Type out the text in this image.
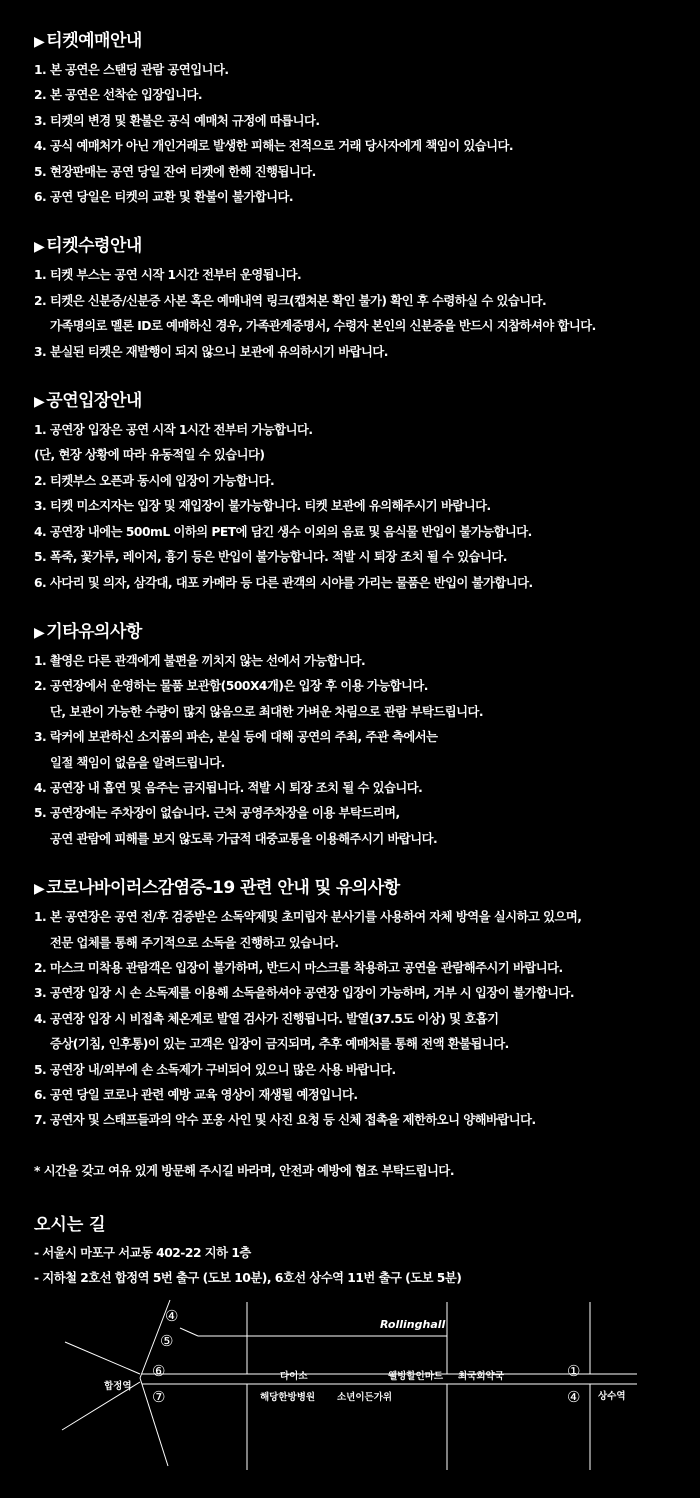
▶ 티켓예매안내
1. 본 공연은 스탠딩 관람 공연입니다.
2. 본 공연은 선착순 입장입니다.
3. 티켓의 변경 및 환불은 공식 예매처 규정에 따릅니다.
4. 공식 예매처가 아닌 개인거래로 발생한 피해는 전적으로 거래 당사자에게 책임이 있습니다.
5. 현장판매는 공연 당일 잔여 티켓에 한해 진행됩니다.
6. 공연 당일은 티켓의 교환 및 환불이 불가합니다.
▶ 티켓수령안내
1. 티켓 부스는 공연 시작 1시간 전부터 운영됩니다.
2. 티켓은 신분증/신분증 사본 혹은 예매내역 링크(캡쳐본 확인 불가) 확인 후 수령하실 수 있습니다.
가족명의로 멜론 ID로 예매하신 경우, 가족관계증명서, 수령자 본인의 신분증을 반드시 지참하셔야 합니다.
3. 분실된 티켓은 재발행이 되지 않으니 보관에 유의하시기 바랍니다.
▶ 공연입장안내
1. 공연장 입장은 공연 시작 1시간 전부터 가능합니다.
(단, 현장 상황에 따라 유동적일 수 있습니다)
2. 티켓부스 오픈과 동시에 입장이 가능합니다.
3. 티켓 미소지자는 입장 및 재입장이 불가능합니다. 티켓 보관에 유의해주시기 바랍니다.
4. 공연장 내에는 500mL 이하의 PET에 담긴 생수 이외의 음료 및 음식물 반입이 불가능합니다.
5. 폭죽, 꽃가루, 레이저, 흉기 등은 반입이 불가능합니다. 적발 시 퇴장 조치 될 수 있습니다.
6. 사다리 및 의자, 삼각대, 대포 카메라 등 다른 관객의 시야를 가리는 물품은 반입이 불가합니다.
▶ 기타유의사항
1. 촬영은 다른 관객에게 불편을 끼치지 않는 선에서 가능합니다.
2. 공연장에서 운영하는 물품 보관함(500X4개)은 입장 후 이용 가능합니다.
단, 보관이 가능한 수량이 많지 않음으로 최대한 가벼운 차림으로 관람 부탁드립니다.
3. 락커에 보관하신 소지품의 파손, 분실 등에 대해 공연의 주최, 주관 측에서는
일절 책임이 없음을 알려드립니다.
4. 공연장 내 흡연 및 음주는 금지됩니다. 적발 시 퇴장 조치 될 수 있습니다.
5. 공연장에는 주차장이 없습니다. 근처 공영주차장을 이용 부탁드리며,
공연 관람에 피해를 보지 않도록 가급적 대중교통을 이용해주시기 바랍니다.
▶ 코로나바이러스감염증-19 관련 안내 및 유의사항
1. 본 공연장은 공연 전/후 검증받은 소독약제및 초미립자 분사기를 사용하여 자체 방역을 실시하고 있으며,
전문 업체를 통해 주기적으로 소독을 진행하고 있습니다.
2. 마스크 미착용 관람객은 입장이 불가하며, 반드시 마스크를 착용하고 공연을 관람해주시기 바랍니다.
3. 공연장 입장 시 손 소독제를 이용해 소독을하셔야 공연장 입장이 가능하며, 거부 시 입장이 불가합니다.
4. 공연장 입장 시 비접촉 체온계로 발열 검사가 진행됩니다. 발열(37.5도 이상) 및 호흡기
증상(기침, 인후통)이 있는 고객은 입장이 금지되며, 추후 예매처를 통해 전액 환불됩니다.
5. 공연장 내/외부에 손 소독제가 구비되어 있으니 많은 사용 바랍니다.
6. 공연 당일 코로나 관련 예방 교육 영상이 재생될 예정입니다.
7. 공연자 및 스태프들과의 악수 포옹 사인 및 사진 요청 등 신체 접촉을 제한하오니 양해바랍니다.
* 시간을 갖고 여유 있게 방문해 주시길 바라며, 안전과 예방에 협조 부탁드립니다.
오시는 길
- 서울시 마포구 서교동 402-22 지하 1층
- 지하철 2호선 합정역 5번 출구 (도보 10분), 6호선 상수역 11번 출구 (도보 5분)
④
⑤
⑥
⑦
①
④
Rollinghall
합정역
상수역
다이소	웰빙할인마트 최국희약국
해당한방병원 소년이든가위
